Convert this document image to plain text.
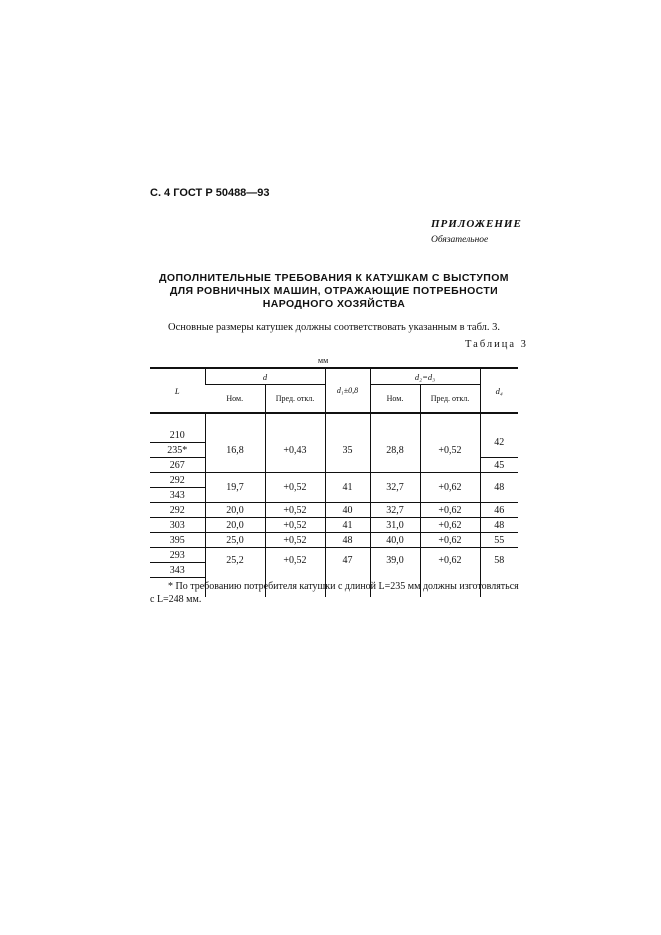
С. 4 ГОСТ Р 50488—93
ПРИЛОЖЕНИЕ
Обязательное
ДОПОЛНИТЕЛЬНЫЕ ТРЕБОВАНИЯ К КАТУШКАМ С ВЫСТУПОМ ДЛЯ РОВНИЧНЫХ МАШИН, ОТРАЖАЮЩИЕ ПОТРЕБНОСТИ НАРОДНОГО ХОЗЯЙСТВА
Основные размеры катушек должны соответствовать указанным в табл. 3.
Таблица 3
мм
L	d		d₁±0,8	d₂=d₃		d₄
	Ном.	Пред. откл.		Ном.	Пред. откл.	

210	16,8	+0,43	35	28,8	+0,52	42
235*						
267						45
292	19,7	+0,52	41	32,7	+0,62	48
343						
292	20,0	+0,52	40	32,7	+0,62	46
303	20,0	+0,52	41	31,0	+0,62	48
395	25,0	+0,52	48	40,0	+0,62	55
293	25,2	+0,52	47	39,0	+0,62	58
343						

* По требованию потребителя катушки с длиной L=235 мм должны изготовляться с L=248 мм.
